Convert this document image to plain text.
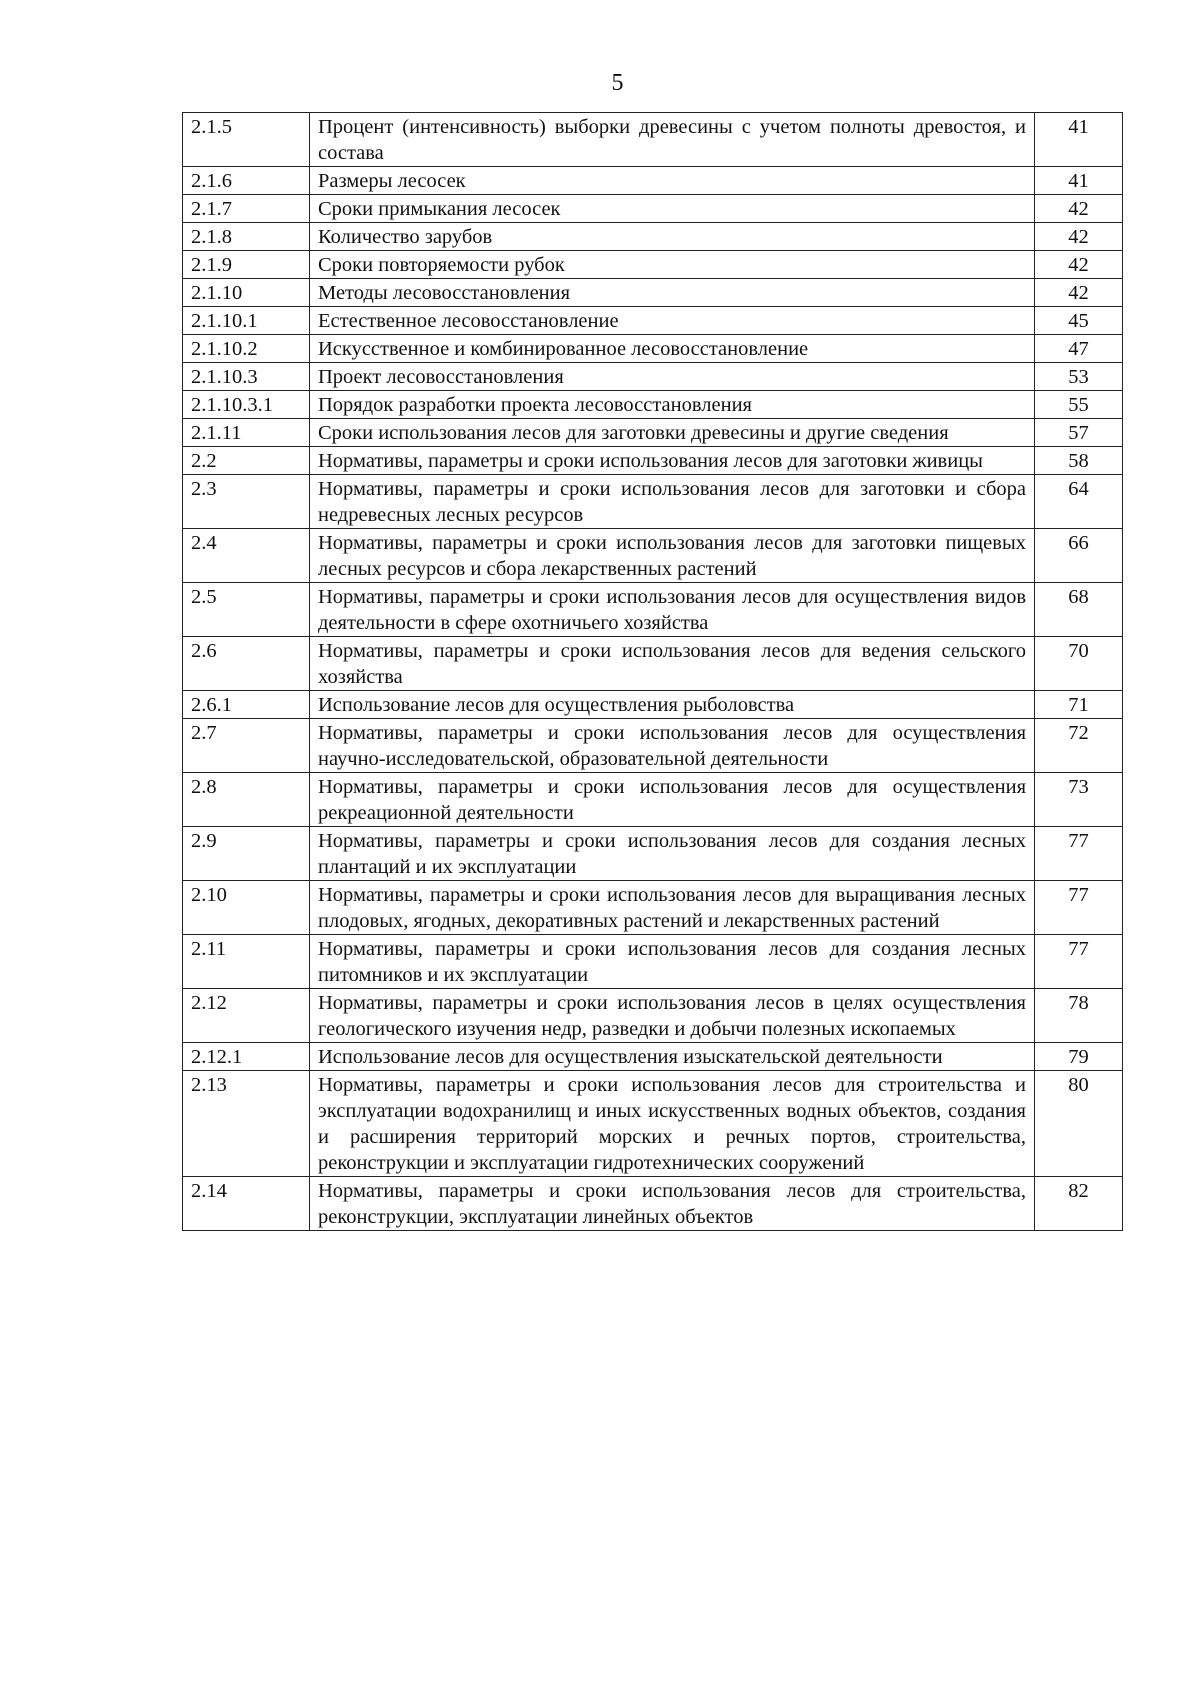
5
2.1.5	Процент (интенсивность) выборки древесины с учетом полноты древостоя, и состава	41
2.1.6	Размеры лесосек	41
2.1.7	Сроки примыкания лесосек	42
2.1.8	Количество зарубов	42
2.1.9	Сроки повторяемости рубок	42
2.1.10	Методы лесовосстановления	42
2.1.10.1	Естественное лесовосстановление	45
2.1.10.2	Искусственное и комбинированное лесовосстановление	47
2.1.10.3	Проект лесовосстановления	53
2.1.10.3.1	Порядок разработки проекта лесовосстановления	55
2.1.11	Сроки использования лесов для заготовки древесины и другие сведения	57
2.2	Нормативы, параметры и сроки использования лесов для заготовки живицы	58
2.3	Нормативы, параметры и сроки использования лесов для заготовки и сбора недревесных лесных ресурсов	64
2.4	Нормативы, параметры и сроки использования лесов для заготовки пищевых лесных ресурсов и сбора лекарственных растений	66
2.5	Нормативы, параметры и сроки использования лесов для осуществления видов деятельности в сфере охотничьего хозяйства	68
2.6	Нормативы, параметры и сроки использования лесов для ведения сельского хозяйства	70
2.6.1	Использование лесов для осуществления рыболовства	71
2.7	Нормативы, параметры и сроки использования лесов для осуществления научно-исследовательской, образовательной деятельности	72
2.8	Нормативы, параметры и сроки использования лесов для осуществления рекреационной деятельности	73
2.9	Нормативы, параметры и сроки использования лесов для создания лесных плантаций и их эксплуатации	77
2.10	Нормативы, параметры и сроки использования лесов для выращивания лесных плодовых, ягодных, декоративных растений и лекарственных растений	77
2.11	Нормативы, параметры и сроки использования лесов для создания лесных питомников и их эксплуатации	77
2.12	Нормативы, параметры и сроки использования лесов в целях осуществления геологического изучения недр, разведки и добычи полезных ископаемых	78
2.12.1	Использование лесов для осуществления изыскательской деятельности	79
2.13	Нормативы, параметры и сроки использования лесов для строительства и эксплуатации водохранилищ и иных искусственных водных объектов, создания и расширения территорий морских и речных портов, строительства, реконструкции и эксплуатации гидротехнических сооружений	80
2.14	Нормативы, параметры и сроки использования лесов для строительства, реконструкции, эксплуатации линейных объектов	82
